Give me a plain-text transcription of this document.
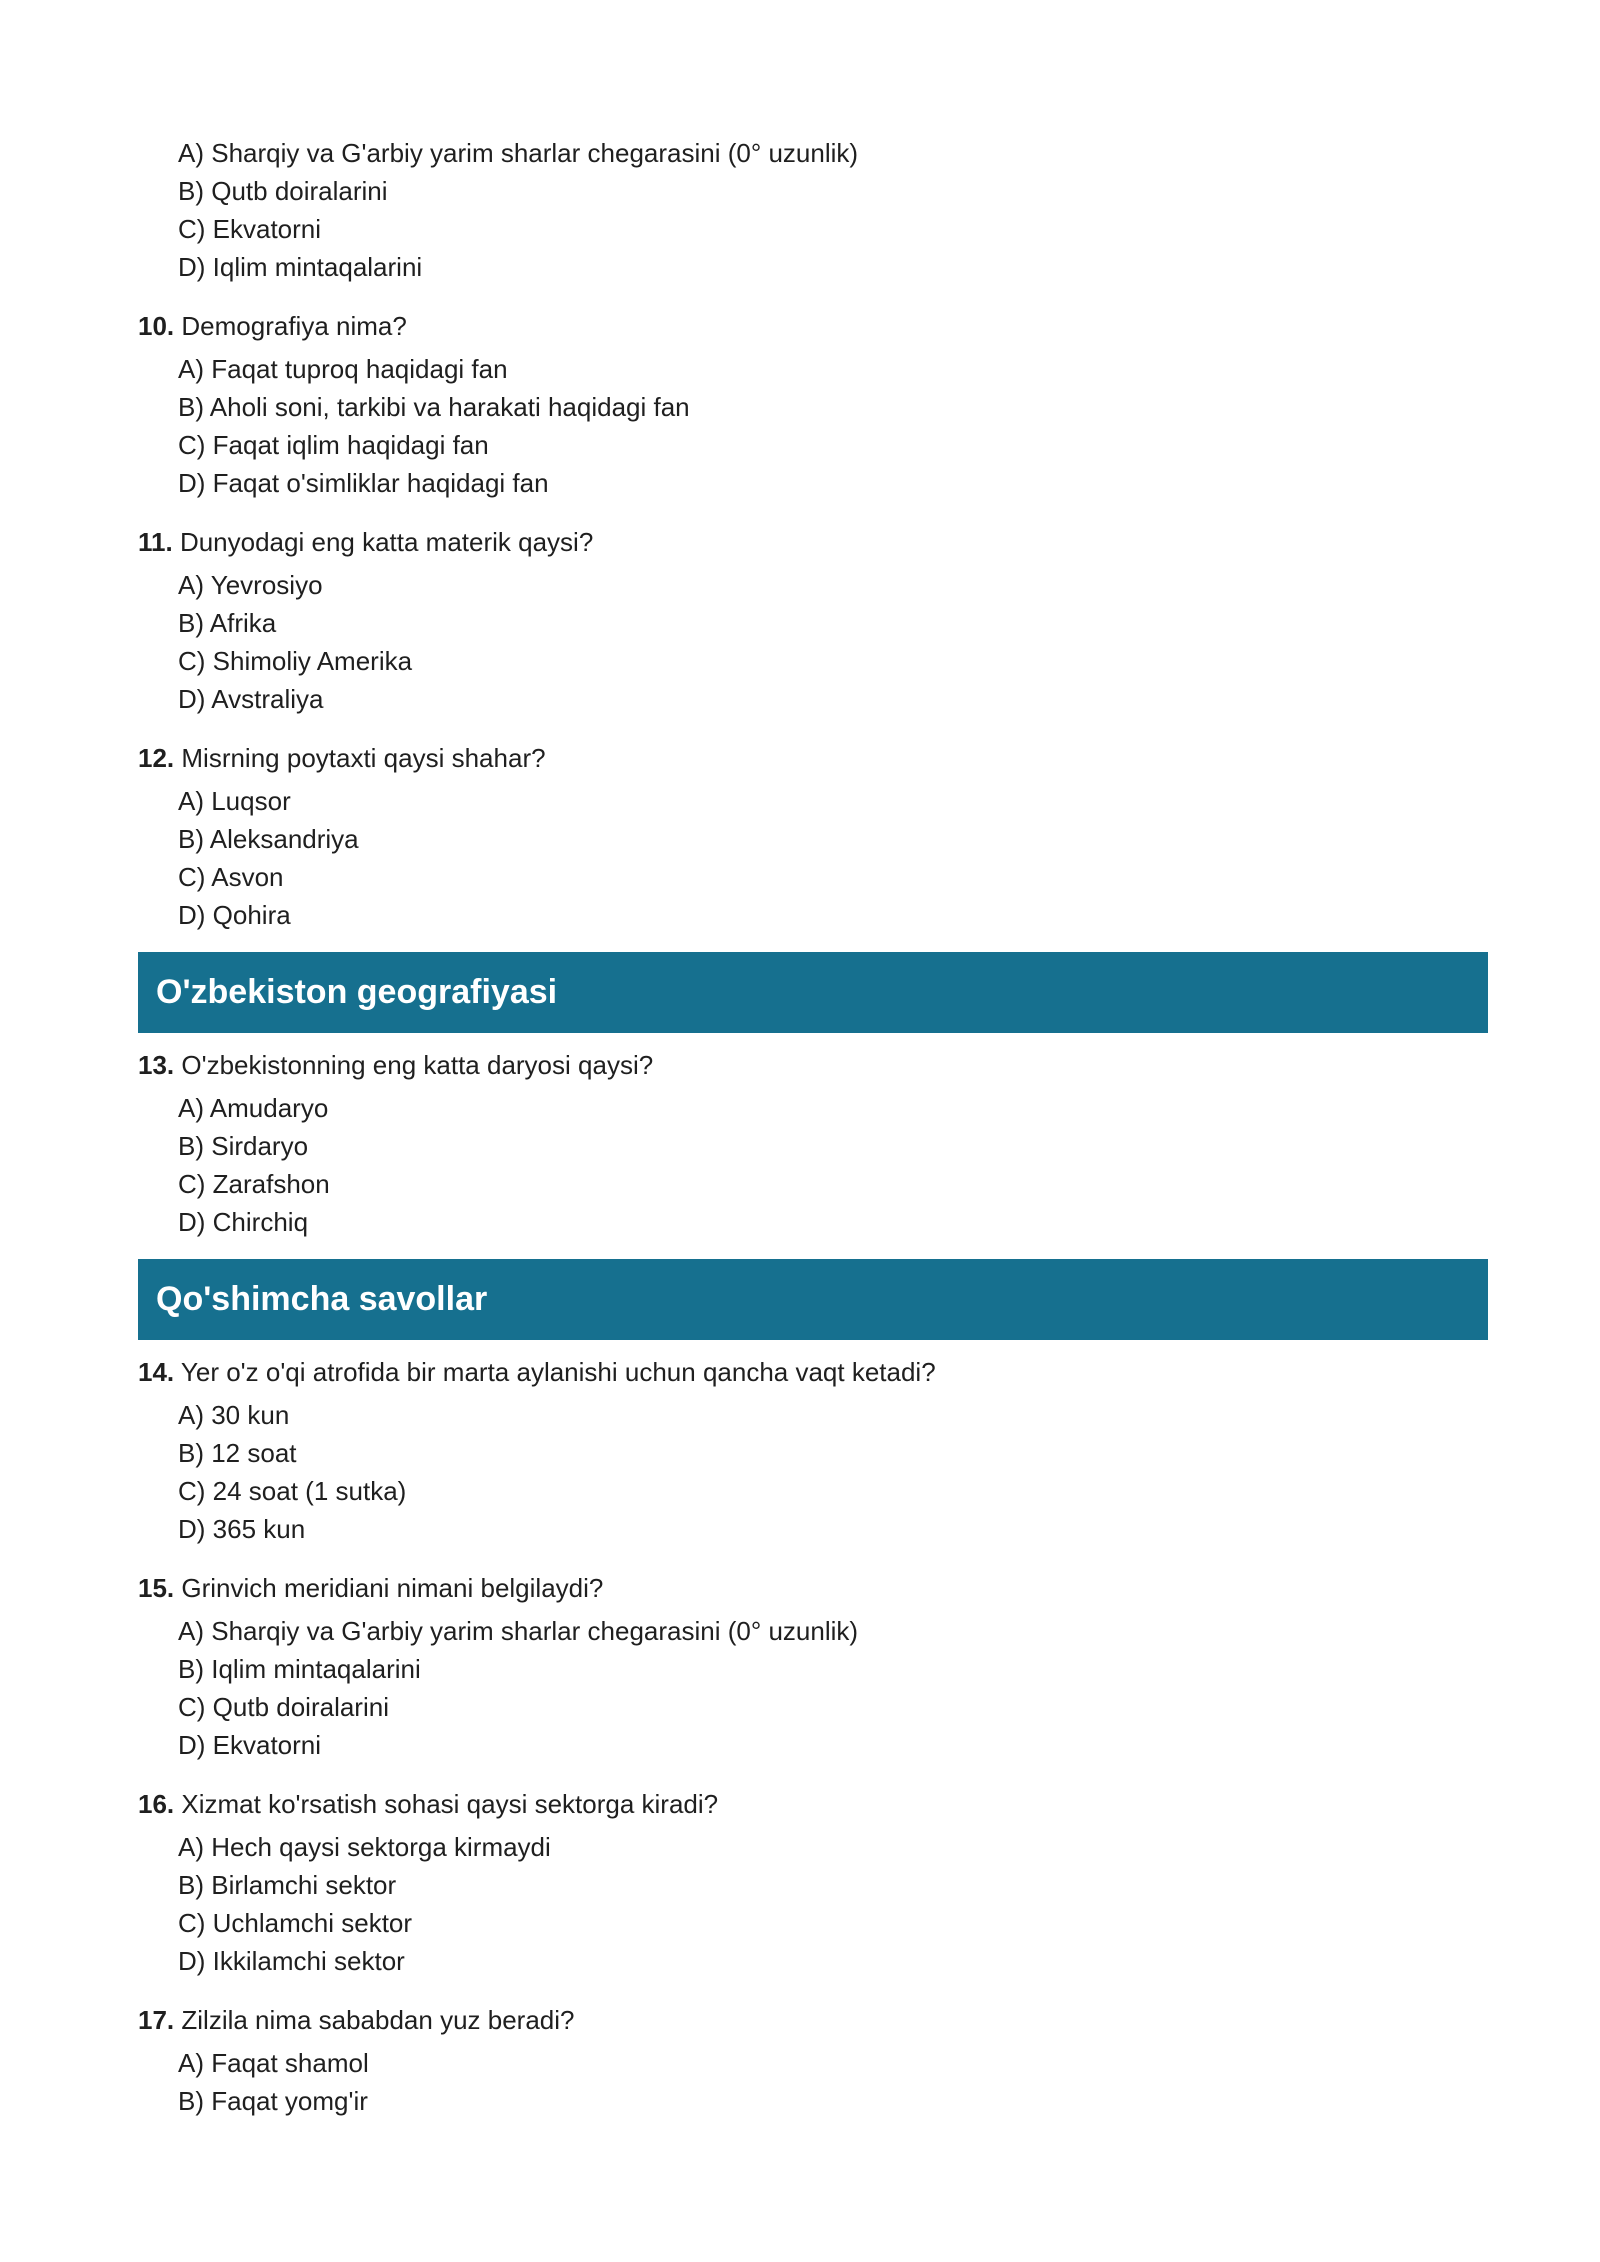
A) Sharqiy va G'arbiy yarim sharlar chegarasini (0° uzunlik)
B) Qutb doiralarini
C) Ekvatorni
D) Iqlim mintaqalarini
10. Demografiya nima?
A) Faqat tuproq haqidagi fan
B) Aholi soni, tarkibi va harakati haqidagi fan
C) Faqat iqlim haqidagi fan
D) Faqat o'simliklar haqidagi fan
11. Dunyodagi eng katta materik qaysi?
A) Yevrosiyo
B) Afrika
C) Shimoliy Amerika
D) Avstraliya
12. Misrning poytaxti qaysi shahar?
A) Luqsor
B) Aleksandriya
C) Asvon
D) Qohira
O'zbekiston geografiyasi
13. O'zbekistonning eng katta daryosi qaysi?
A) Amudaryo
B) Sirdaryo
C) Zarafshon
D) Chirchiq
Qo'shimcha savollar
14. Yer o'z o'qi atrofida bir marta aylanishi uchun qancha vaqt ketadi?
A) 30 kun
B) 12 soat
C) 24 soat (1 sutka)
D) 365 kun
15. Grinvich meridiani nimani belgilaydi?
A) Sharqiy va G'arbiy yarim sharlar chegarasini (0° uzunlik)
B) Iqlim mintaqalarini
C) Qutb doiralarini
D) Ekvatorni
16. Xizmat ko'rsatish sohasi qaysi sektorga kiradi?
A) Hech qaysi sektorga kirmaydi
B) Birlamchi sektor
C) Uchlamchi sektor
D) Ikkilamchi sektor
17. Zilzila nima sababdan yuz beradi?
A) Faqat shamol
B) Faqat yomg'ir
